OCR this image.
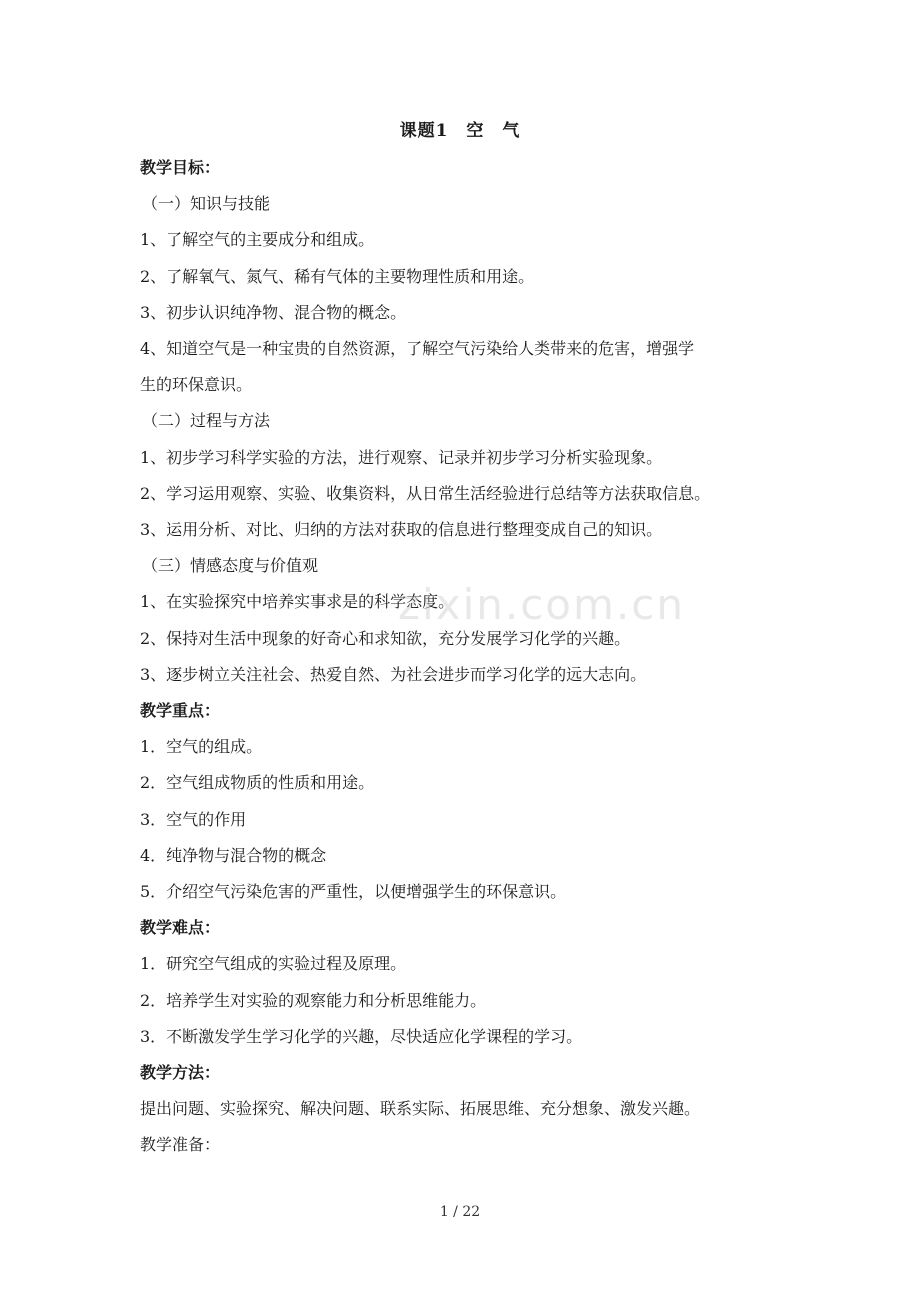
课题1　空　气

教学目标：

（一）知识与技能

1、了解空气的主要成分和组成。

2、了解氧气、氮气、稀有气体的主要物理性质和用途。

3、初步认识纯净物、混合物的概念。

4、知道空气是一种宝贵的自然资源，了解空气污染给人类带来的危害，增强学

生的环保意识。

（二）过程与方法

1、初步学习科学实验的方法，进行观察、记录并初步学习分析实验现象。

2、学习运用观察、实验、收集资料，从日常生活经验进行总结等方法获取信息。

3、运用分析、对比、归纳的方法对获取的信息进行整理变成自己的知识。

（三）情感态度与价值观

1、在实验探究中培养实事求是的科学态度。

2、保持对生活中现象的好奇心和求知欲，充分发展学习化学的兴趣。

3、逐步树立关注社会、热爱自然、为社会进步而学习化学的远大志向。

教学重点：

1．空气的组成。

2．空气组成物质的性质和用途。

3．空气的作用

4．纯净物与混合物的概念

5．介绍空气污染危害的严重性，以便增强学生的环保意识。

教学难点：

1．研究空气组成的实验过程及原理。

2．培养学生对实验的观察能力和分析思维能力。

3．不断激发学生学习化学的兴趣，尽快适应化学课程的学习。

教学方法：

提出问题、实验探究、解决问题、联系实际、拓展思维、充分想象、激发兴趣。

教学准备：

zixin.com.cn
1 / 22
